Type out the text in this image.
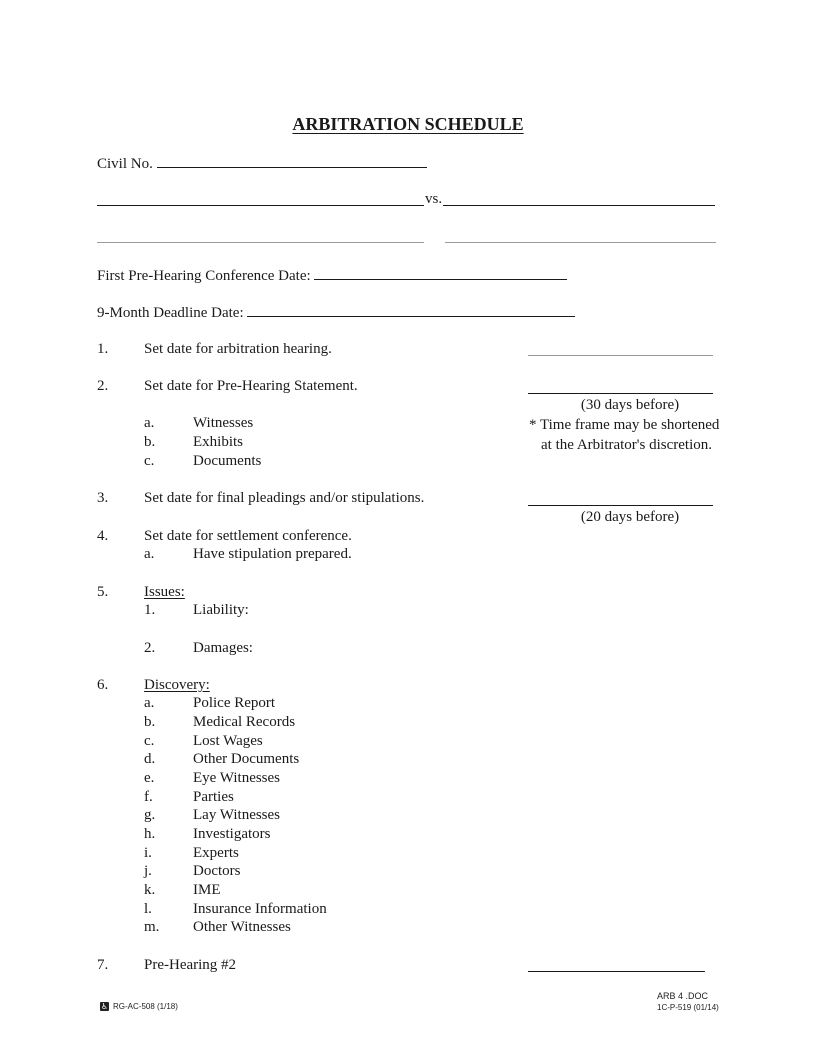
ARBITRATION SCHEDULE
Civil No.
vs.
First Pre-Hearing Conference Date:
9-Month Deadline Date:
1. Set date for arbitration hearing.
2. Set date for Pre-Hearing Statement.
(30 days before)
* Time frame may be shortened
at the Arbitrator's discretion.
a.	Witnesses
b.	Exhibits
c.	Documents
3. Set date for final pleadings and/or stipulations.
(20 days before)
4. Set date for settlement conference.
a.	Have stipulation prepared.
5. Issues:
1.	Liability:
2.	Damages:
6. Discovery:
a.	Police Report
b.	Medical Records
c.	Lost Wages
d.	Other Documents
e.	Eye Witnesses
f.	Parties
g.	Lay Witnesses
h.	Investigators
i.	Experts
j.	Doctors
k.	IME
l.	Insurance Information
m. Other Witnesses
7. Pre-Hearing #2
♿ RG-AC-508 (1/18)
ARB 4 .DOC
1C-P-519 (01/14)
